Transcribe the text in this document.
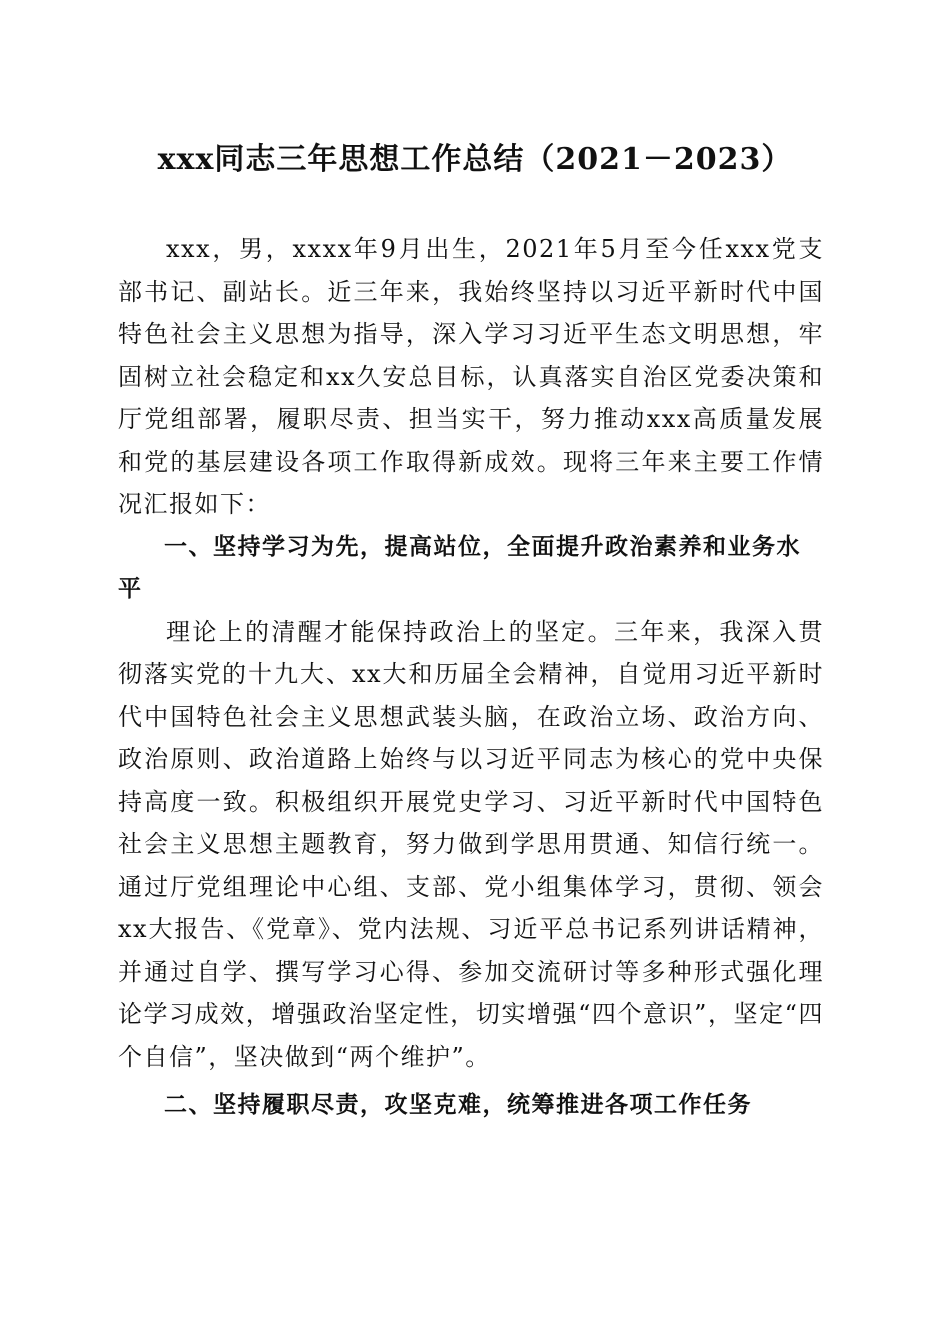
xxx同志三年思想工作总结（2021－2023）

xxx，男，xxxx年9月出生，2021年5月至今任xxx党支部书记、副站长。近三年来，我始终坚持以习近平新时代中国特色社会主义思想为指导，深入学习习近平生态文明思想，牢固树立社会稳定和xx久安总目标，认真落实自治区党委决策和厅党组部署，履职尽责、担当实干，努力推动xxx高质量发展和党的基层建设各项工作取得新成效。现将三年来主要工作情况汇报如下：

一、坚持学习为先，提高站位，全面提升政治素养和业务水平

理论上的清醒才能保持政治上的坚定。三年来，我深入贯彻落实党的十九大、xx大和历届全会精神，自觉用习近平新时代中国特色社会主义思想武装头脑，在政治立场、政治方向、政治原则、政治道路上始终与以习近平同志为核心的党中央保持高度一致。积极组织开展党史学习、习近平新时代中国特色社会主义思想主题教育，努力做到学思用贯通、知信行统一。通过厅党组理论中心组、支部、党小组集体学习，贯彻、领会xx大报告、《党章》、党内法规、习近平总书记系列讲话精神，并通过自学、撰写学习心得、参加交流研讨等多种形式强化理论学习成效，增强政治坚定性，切实增强“四个意识”，坚定“四个自信”，坚决做到“两个维护”。

二、坚持履职尽责，攻坚克难，统筹推进各项工作任务
